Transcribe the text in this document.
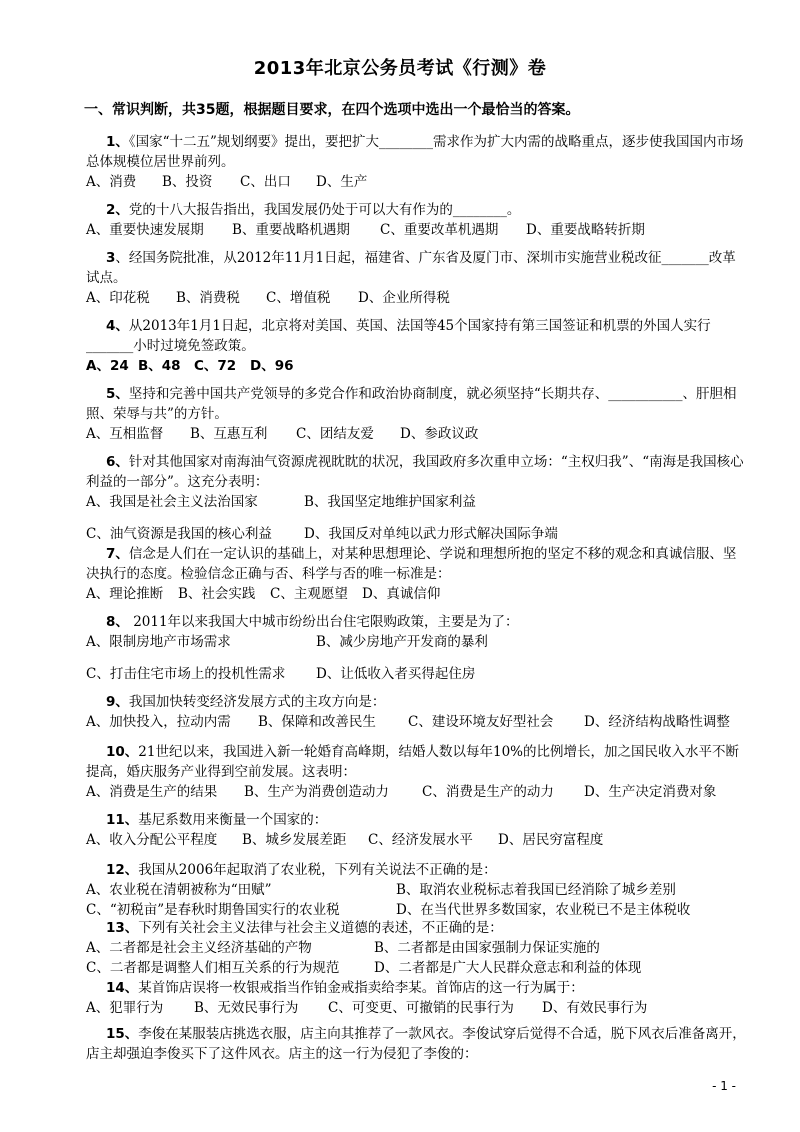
2013年北京公务员考试《行测》卷
一、常识判断，共35题，根据题目要求，在四个选项中选出一个最恰当的答案。
1、《国家“十二五”规划纲要》提出，要把扩大________需求作为扩大内需的战略重点，逐步使我国国内市场总体规模位居世界前列。
A、消费	B、投资	C、出口	D、生产
2、党的十八大报告指出，我国发展仍处于可以大有作为的________。
A、重要快速发展期	B、重要战略机遇期	C、重要改革机遇期	D、重要战略转折期
3、经国务院批准，从2012年11月1日起，福建省、广东省及厦门市、深圳市实施营业税改征_______改革试点。
A、印花税	B、消费税	C、增值税	D、企业所得税
4、从2013年1月1日起，北京将对美国、英国、法国等45个国家持有第三国签证和机票的外国人实行_______小时过境免签政策。
A、24 B、48 C、72	D、96
5、坚持和完善中国共产党领导的多党合作和政治协商制度，就必须坚持“长期共存、___________、肝胆相照、荣辱与共”的方针。
A、互相监督	B、互惠互利	C、团结友爱	D、参政议政
6、针对其他国家对南海油气资源虎视眈眈的状况，我国政府多次重申立场：“主权归我”、“南海是我国核心利益的一部分”。这充分表明：
A、我国是社会主义法治国家	B、我国坚定地维护国家利益
C、油气资源是我国的核心利益	D、我国反对单纯以武力形式解决国际争端
7、信念是人们在一定认识的基础上，对某种思想理论、学说和理想所抱的坚定不移的观念和真诚信服、坚决执行的态度。检验信念正确与否、科学与否的唯一标准是：
A、理论推断	B、社会实践	C、主观愿望	D、真诚信仰
8、 2011年以来我国大中城市纷纷出台住宅限购政策，主要是为了：
A、限制房地产市场需求	B、减少房地产开发商的暴利
C、打击住宅市场上的投机性需求	D、让低收入者买得起住房
9、我国加快转变经济发展方式的主攻方向是：
A、加快投入，拉动内需	B、保障和改善民生	C、建设环境友好型社会	D、经济结构战略性调整
10、21世纪以来，我国进入新一轮婚育高峰期，结婚人数以每年10%的比例增长，加之国民收入水平不断提高，婚庆服务产业得到空前发展。这表明：
A、消费是生产的结果	B、生产为消费创造动力	C、消费是生产的动力	D、生产决定消费对象
11、基尼系数用来衡量一个国家的：
A、收入分配公平程度	B、城乡发展差距	C、经济发展水平	D、居民穷富程度
12、我国从2006年起取消了农业税，下列有关说法不正确的是：
A、农业税在清朝被称为“田赋”	B、取消农业税标志着我国已经消除了城乡差别
C、“初税亩”是春秋时期鲁国实行的农业税	D、在当代世界多数国家，农业税已不是主体税收
13、下列有关社会主义法律与社会主义道德的表述，不正确的是：
A、二者都是社会主义经济基础的产物	B、二者都是由国家强制力保证实施的
C、二者都是调整人们相互关系的行为规范	D、二者都是广大人民群众意志和利益的体现
14、某首饰店误将一枚银戒指当作铂金戒指卖给李某。首饰店的这一行为属于：
A、犯罪行为	B、无效民事行为	C、可变更、可撤销的民事行为	D、有效民事行为
15、李俊在某服装店挑选衣服，店主向其推荐了一款风衣。李俊试穿后觉得不合适，脱下风衣后准备离开，店主却强迫李俊买下了这件风衣。店主的这一行为侵犯了李俊的：
- 1 -
